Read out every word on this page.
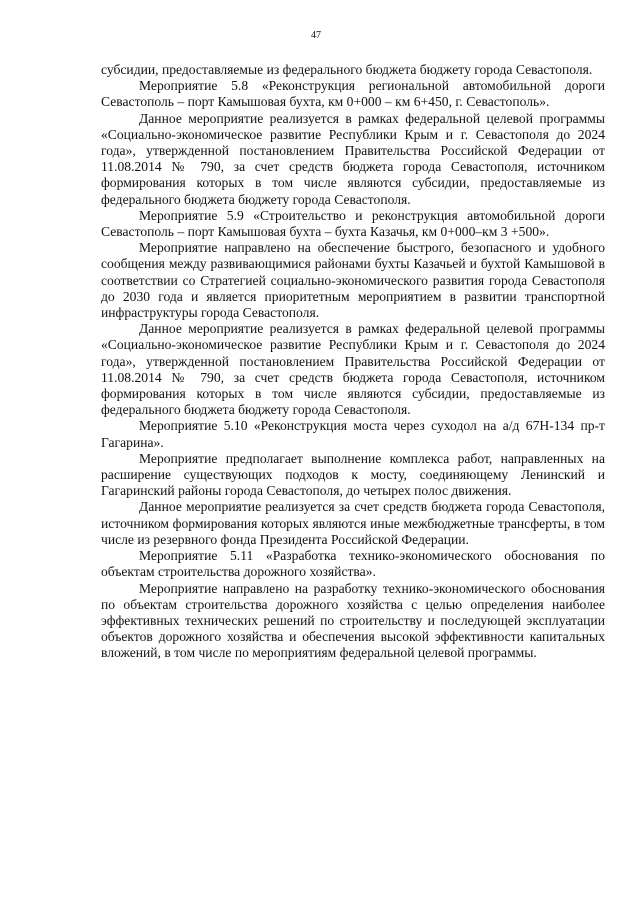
47

субсидии, предоставляемые из федерального бюджета бюджету города Севастополя.

Мероприятие 5.8 «Реконструкция региональной автомобильной дороги Севастополь – порт Камышовая бухта, км 0+000 – км 6+450, г. Севастополь».

Данное мероприятие реализуется в рамках федеральной целевой программы «Социально-экономическое развитие Республики Крым и г. Севастополя до 2024 года», утвержденной постановлением Правительства Российской Федерации от 11.08.2014 № 790, за счет средств бюджета города Севастополя, источником формирования которых в том числе являются субсидии, предоставляемые из федерального бюджета бюджету города Севастополя.

Мероприятие 5.9 «Строительство и реконструкция автомобильной дороги Севастополь – порт Камышовая бухта – бухта Казачья, км 0+000–км 3 +500».

Мероприятие направлено на обеспечение быстрого, безопасного и удобного сообщения между развивающимися районами бухты Казачьей и бухтой Камышовой в соответствии со Стратегией социально-экономического развития города Севастополя до 2030 года и является приоритетным мероприятием в развитии транспортной инфраструктуры города Севастополя.

Данное мероприятие реализуется в рамках федеральной целевой программы «Социально-экономическое развитие Республики Крым и г. Севастополя до 2024 года», утвержденной постановлением Правительства Российской Федерации от 11.08.2014 № 790, за счет средств бюджета города Севастополя, источником формирования которых в том числе являются субсидии, предоставляемые из федерального бюджета бюджету города Севастополя.

Мероприятие 5.10 «Реконструкция моста через суходол на а/д 67Н-134 пр-т Гагарина».

Мероприятие предполагает выполнение комплекса работ, направленных на расширение существующих подходов к мосту, соединяющему Ленинский и Гагаринский районы города Севастополя, до четырех полос движения.

Данное мероприятие реализуется за счет средств бюджета города Севастополя, источником формирования которых являются иные межбюджетные трансферты, в том числе из резервного фонда Президента Российской Федерации.

Мероприятие 5.11 «Разработка технико-экономического обоснования по объектам строительства дорожного хозяйства».

Мероприятие направлено на разработку технико-экономического обоснования по объектам строительства дорожного хозяйства с целью определения наиболее эффективных технических решений по строительству и последующей эксплуатации объектов дорожного хозяйства и обеспечения высокой эффективности капитальных вложений, в том числе по мероприятиям федеральной целевой программы.
